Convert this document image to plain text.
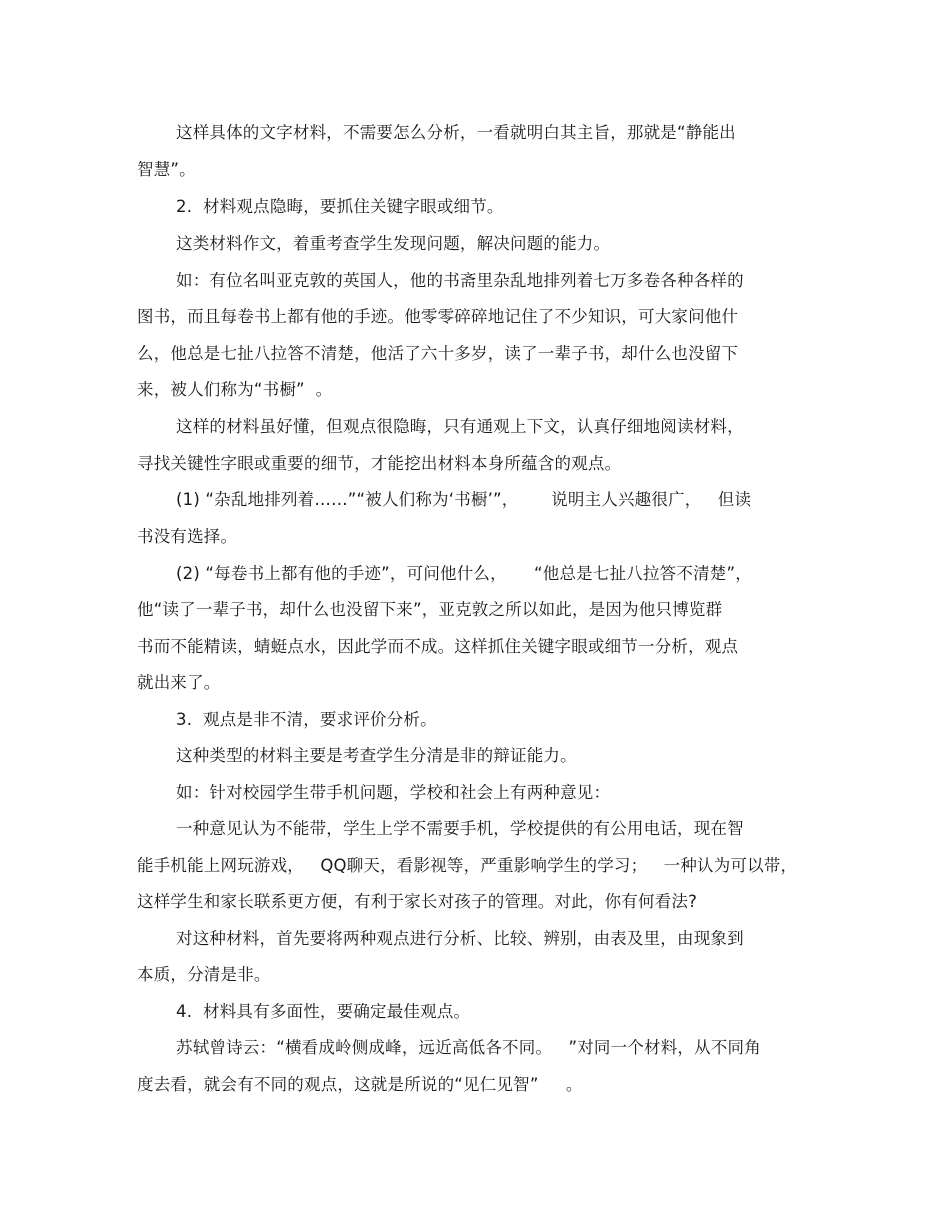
这样具体的文字材料，不需要怎么分析，一看就明白其主旨，那就是“静能出
智慧”。
2.  材料观点隐晦，要抓住关键字眼或细节。
这类材料作文，着重考查学生发现问题，解决问题的能力。
如：有位名叫亚克敦的英国人，他的书斋里杂乱地排列着七万多卷各种各样的
图书，而且每卷书上都有他的手迹。他零零碎碎地记住了不少知识，可大家问他什
么，他总是七扯八拉答不清楚，他活了六十多岁，读了一辈子书，却什么也没留下
来，被人们称为“书橱”  。
这样的材料虽好懂，但观点很隐晦，只有通观上下文，认真仔细地阅读材料，
寻找关键性字眼或重要的细节，才能挖出材料本身所蕴含的观点。
(1) “杂乱地排列着……”“被人们称为‘书橱’”，      说明主人兴趣很广，   但读
书没有选择。
(2) “每卷书上都有他的手迹”，可问他什么，     “他总是七扯八拉答不清楚”，
他“读了一辈子书，却什么也没留下来”，亚克敦之所以如此，是因为他只博览群
书而不能精读，蜻蜓点水，因此学而不成。这样抓住关键字眼或细节一分析，观点
就出来了。
3.  观点是非不清，要求评价分析。
这种类型的材料主要是考查学生分清是非的辩证能力。
如：针对校园学生带手机问题，学校和社会上有两种意见：
一种意见认为不能带，学生上学不需要手机，学校提供的有公用电话，现在智
能手机能上网玩游戏，   QQ聊天，看影视等，严重影响学生的学习；   一种认为可以带，
这样学生和家长联系更方便，有利于家长对孩子的管理。对此，你有何看法?
对这种材料，首先要将两种观点进行分析、比较、辨别，由表及里，由现象到
本质，分清是非。
4.  材料具有多面性，要确定最佳观点。
苏轼曾诗云：“横看成岭侧成峰，远近高低各不同。   ”对同一个材料，从不同角
度去看，就会有不同的观点，这就是所说的“见仁见智”     。
